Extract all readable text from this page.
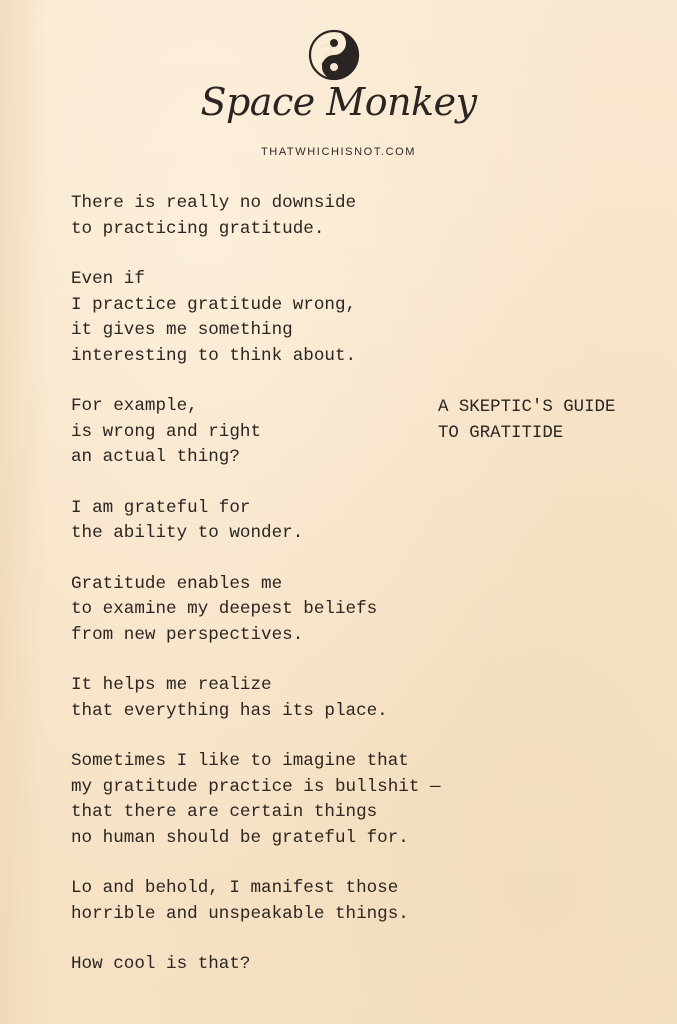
Space Monkey
THATWHICHISNOT.COM
There is really no downside
to practicing gratitude.
Even if
I practice gratitude wrong,
it gives me something
interesting to think about.
For example,
is wrong and right
an actual thing?
I am grateful for
the ability to wonder.
Gratitude enables me
to examine my deepest beliefs
from new perspectives.
It helps me realize
that everything has its place.
Sometimes I like to imagine that
my gratitude practice is bullshit —
that there are certain things
no human should be grateful for.
Lo and behold, I manifest those
horrible and unspeakable things.
How cool is that?
A SKEPTIC'S GUIDE
TO GRATITIDE
